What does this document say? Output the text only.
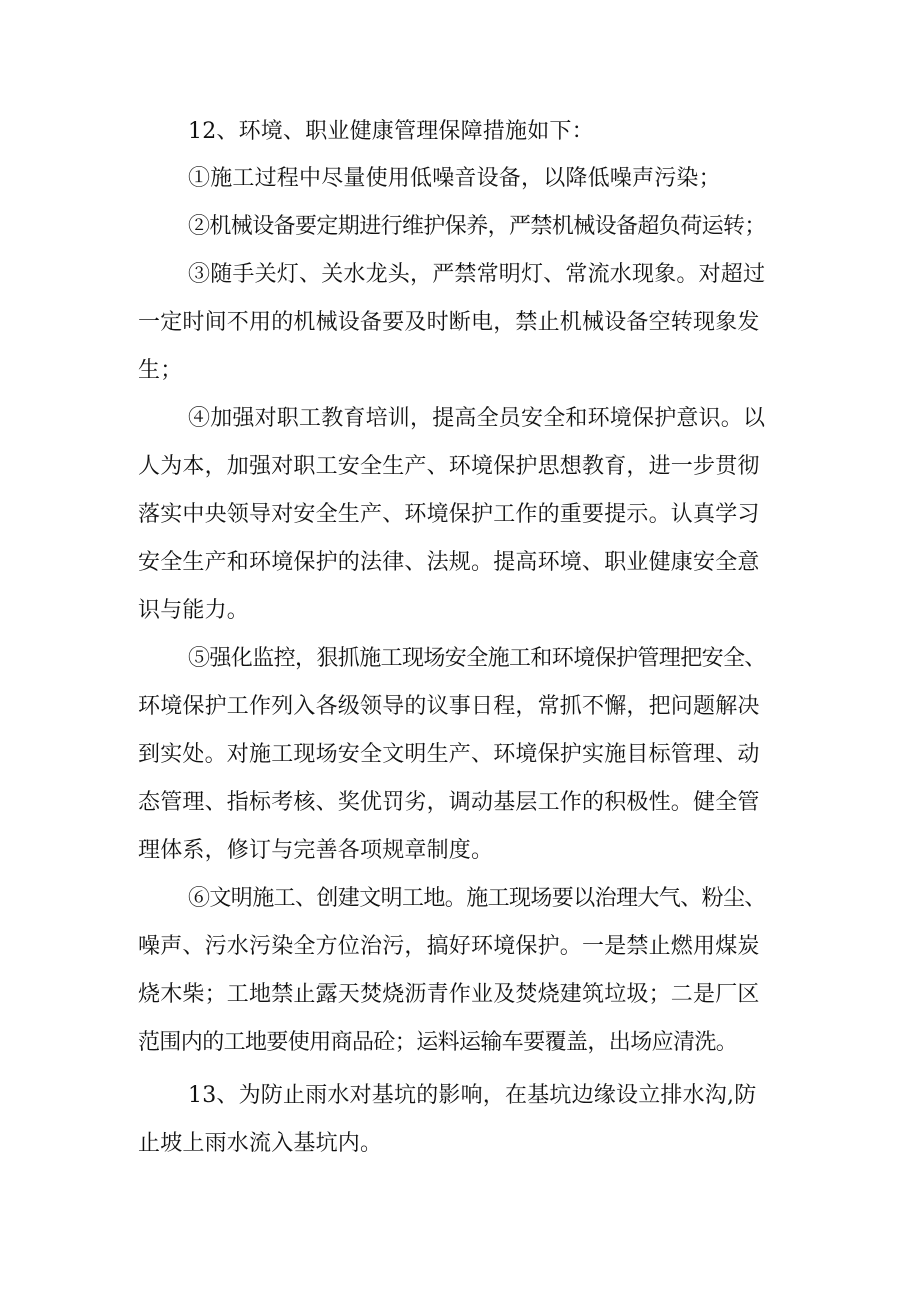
12、环境、职业健康管理保障措施如下：
①施工过程中尽量使用低噪音设备，以降低噪声污染；
②机械设备要定期进行维护保养，严禁机械设备超负荷运转；
③随手关灯、关水龙头，严禁常明灯、常流水现象。对超过
一定时间不用的机械设备要及时断电，禁止机械设备空转现象发
生；
④加强对职工教育培训，提高全员安全和环境保护意识。以
人为本，加强对职工安全生产、环境保护思想教育，进一步贯彻
落实中央领导对安全生产、环境保护工作的重要提示。认真学习
安全生产和环境保护的法律、法规。提高环境、职业健康安全意
识与能力。
⑤强化监控，狠抓施工现场安全施工和环境保护管理把安全、
环境保护工作列入各级领导的议事日程，常抓不懈，把问题解决
到实处。对施工现场安全文明生产、环境保护实施目标管理、动
态管理、指标考核、奖优罚劣，调动基层工作的积极性。健全管
理体系，修订与完善各项规章制度。
⑥文明施工、创建文明工地。施工现场要以治理大气、粉尘、
噪声、污水污染全方位治污，搞好环境保护。一是禁止燃用煤炭
烧木柴；工地禁止露天焚烧沥青作业及焚烧建筑垃圾；二是厂区
范围内的工地要使用商品砼；运料运输车要覆盖，出场应清洗。
13、为防止雨水对基坑的影响，在基坑边缘设立排水沟,防
止坡上雨水流入基坑内。
